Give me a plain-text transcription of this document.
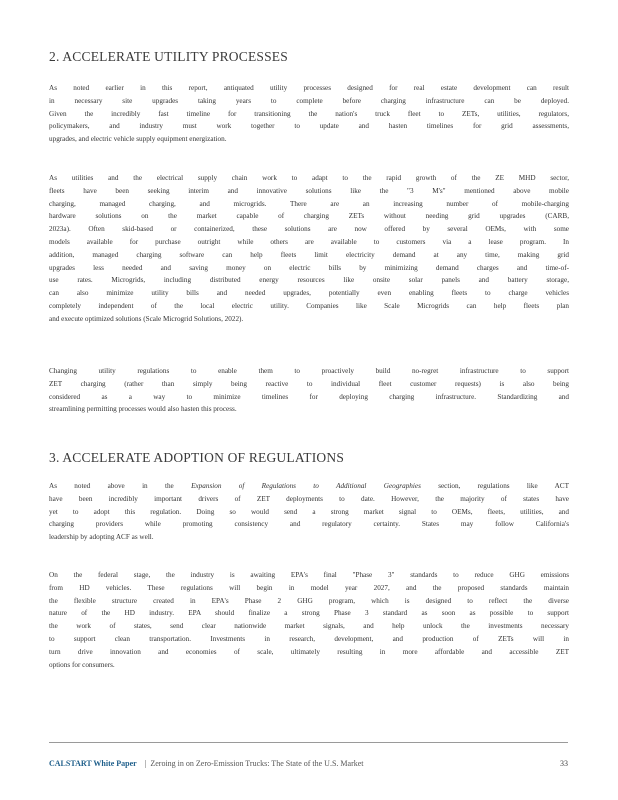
2. ACCELERATE UTILITY PROCESSES
As noted earlier in this report, antiquated utility processes designed for real estate development can result
in necessary site upgrades taking years to complete before charging infrastructure can be deployed.
Given the incredibly fast timeline for transitioning the nation's truck fleet to ZETs, utilities, regulators,
policymakers, and industry must work together to update and hasten timelines for grid assessments,
upgrades, and electric vehicle supply equipment energization.
As utilities and the electrical supply chain work to adapt to the rapid growth of the ZE MHD sector,
fleets have been seeking interim and innovative solutions like the "3 M's" mentioned above mobile
charging, managed charging, and microgrids. There are an increasing number of mobile-charging
hardware solutions on the market capable of charging ZETs without needing grid upgrades (CARB,
2023a). Often skid-based or containerized, these solutions are now offered by several OEMs, with some
models available for purchase outright while others are available to customers via a lease program. In
addition, managed charging software can help fleets limit electricity demand at any time, making grid
upgrades less needed and saving money on electric bills by minimizing demand charges and time-of-
use rates. Microgrids, including distributed energy resources like onsite solar panels and battery storage,
can also minimize utility bills and needed upgrades, potentially even enabling fleets to charge vehicles
completely independent of the local electric utility. Companies like Scale Microgrids can help fleets plan
and execute optimized solutions (Scale Microgrid Solutions, 2022).
Changing utility regulations to enable them to proactively build no-regret infrastructure to support
ZET charging (rather than simply being reactive to individual fleet customer requests) is also being
considered as a way to minimize timelines for deploying charging infrastructure. Standardizing and
streamlining permitting processes would also hasten this process.
3. ACCELERATE ADOPTION OF REGULATIONS
As noted above in the Expansion of Regulations to Additional Geographies section, regulations like ACT
have been incredibly important drivers of ZET deployments to date. However, the majority of states have
yet to adopt this regulation. Doing so would send a strong market signal to OEMs, fleets, utilities, and
charging providers while promoting consistency and regulatory certainty. States may follow California's
leadership by adopting ACF as well.
On the federal stage, the industry is awaiting EPA's final "Phase 3" standards to reduce GHG emissions
from HD vehicles. These regulations will begin in model year 2027, and the proposed standards maintain
the flexible structure created in EPA's Phase 2 GHG program, which is designed to reflect the diverse
nature of the HD industry. EPA should finalize a strong Phase 3 standard as soon as possible to support
the work of states, send clear nationwide market signals, and help unlock the investments necessary
to support clean transportation. Investments in research, development, and production of ZETs will in
turn drive innovation and economies of scale, ultimately resulting in more affordable and accessible ZET
options for consumers.
CALSTART White Paper | Zeroing in on Zero-Emission Trucks: The State of the U.S. Market	33
